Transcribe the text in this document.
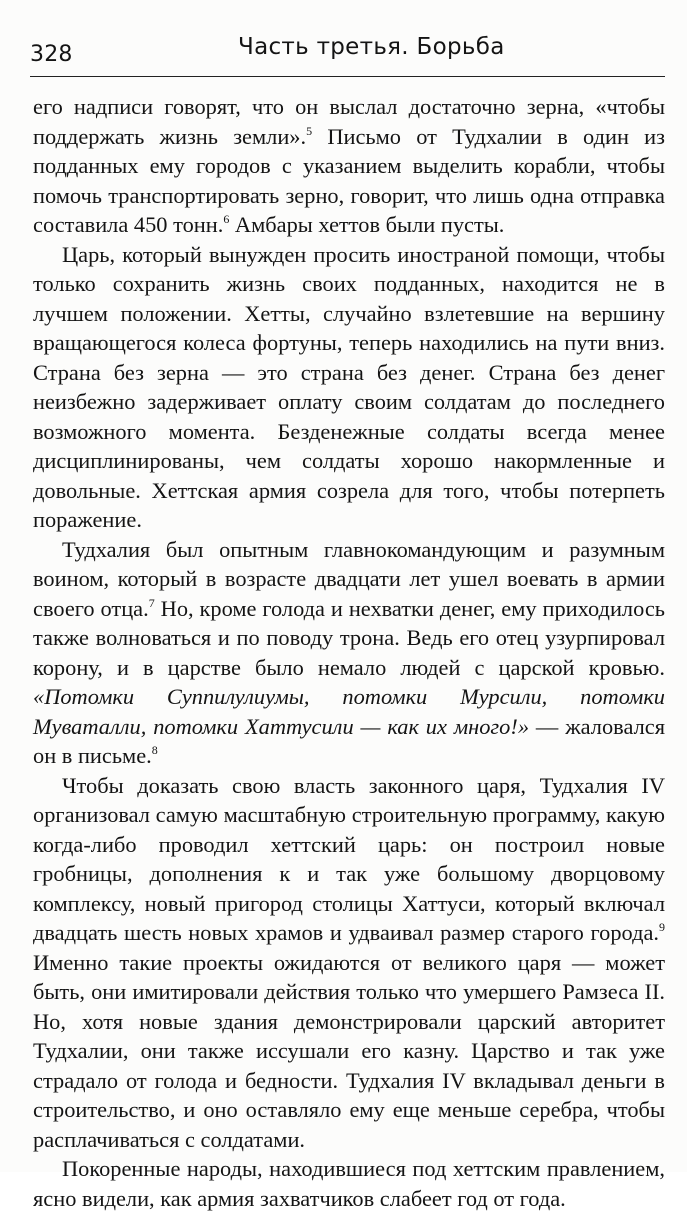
328	Часть третья. Борьба

его надписи говорят, что он выслал достаточно зерна, «чтобы поддержать жизнь земли».$^5$ Письмо от Тудхалии в один из подданных ему городов с указанием выделить корабли, чтобы помочь транспортировать зерно, говорит, что лишь одна отправка составила 450 тонн.$^6$ Амбары хеттов были пусты.

Царь, который вынужден просить иностраной помощи, чтобы только сохранить жизнь своих подданных, находится не в лучшем положении. Хетты, случайно взлетевшие на вершину вращающегося колеса фортуны, теперь находились на пути вниз. Страна без зерна — это страна без денег. Страна без денег неизбежно задерживает оплату своим солдатам до последнего возможного момента. Безденежные солдаты всегда менее дисциплинированы, чем солдаты хорошо накормленные и довольные. Хеттская армия созрела для того, чтобы потерпеть поражение.

Тудхалия был опытным главнокомандующим и разумным воином, который в возрасте двадцати лет ушел воевать в армии своего отца.$^7$ Но, кроме голода и нехватки денег, ему приходилось также волноваться и по поводу трона. Ведь его отец узурпировал корону, и в царстве было немало людей с царской кровью. «Потомки Суппилулиумы, потомки Мурсили, потомки Муваталли, потомки Хаттусили — как их много!» — жаловался он в письме.$^8$

Чтобы доказать свою власть законного царя, Тудхалия IV организовал самую масштабную строительную программу, какую когда-либо проводил хеттский царь: он построил новые гробницы, дополнения к и так уже большому дворцовому комплексу, новый пригород столицы Хаттуси, который включал двадцать шесть новых храмов и удваивал размер старого города.$^9$ Именно такие проекты ожидаются от великого царя — может быть, они имитировали действия только что умершего Рамзеса II. Но, хотя новые здания демонстрировали царский авторитет Тудхалии, они также иссушали его казну. Царство и так уже страдало от голода и бедности. Тудхалия IV вкладывал деньги в строительство, и оно оставляло ему еще меньше серебра, чтобы расплачиваться с солдатами.

Покоренные народы, находившиеся под хеттским правлением, ясно видели, как армия захватчиков слабеет год от года.
